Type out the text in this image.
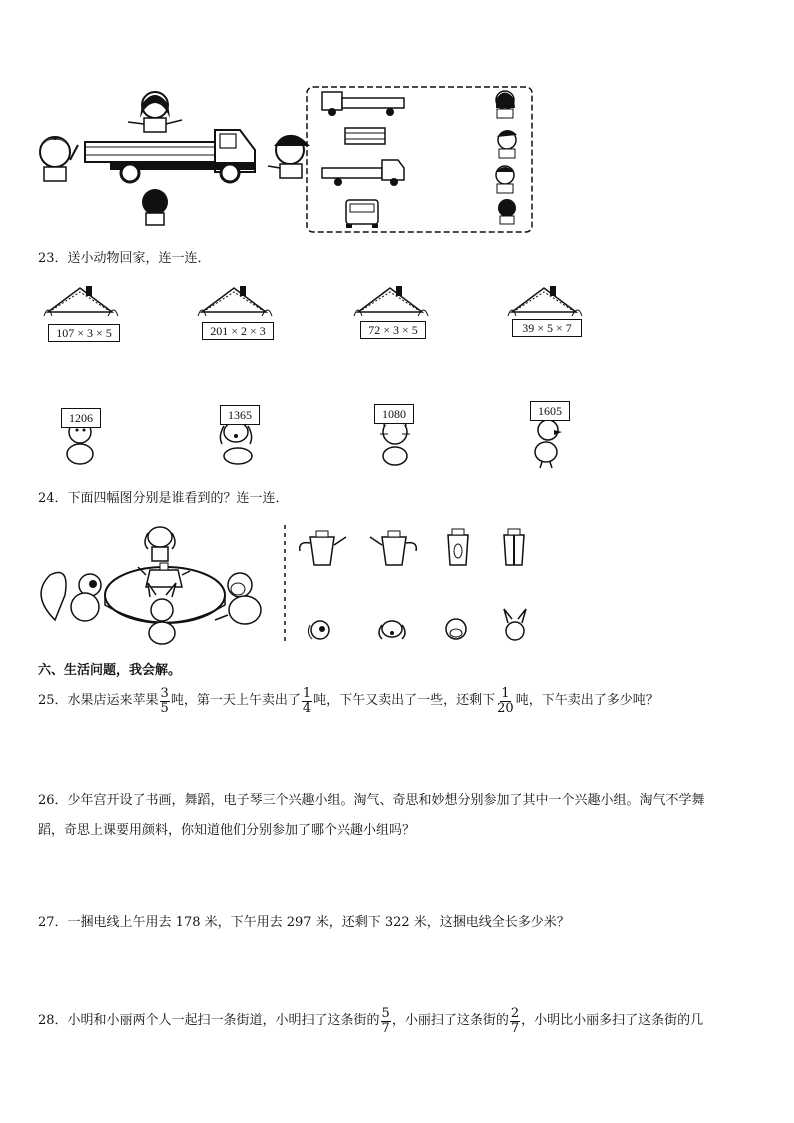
23．送小动物回家，连一连．
107 × 3 × 5	201 × 2 × 3	72 × 3 × 5	39 × 5 × 7
1206	1365	1080	1605
24．下面四幅图分别是谁看到的？连一连．
六、生活问题，我会解。
25．水果店运来苹果 $\frac{3}{5}$ 吨，第一天上午卖出了 $\frac{1}{4}$ 吨，下午又卖出了一些，还剩下 $\frac{1}{20}$ 吨，下午卖出了多少吨？
26．少年宫开设了书画，舞蹈，电子琴三个兴趣小组。淘气、奇思和妙想分别参加了其中一个兴趣小组。淘气不学舞
蹈，奇思上课要用颜料，你知道他们分别参加了哪个兴趣小组吗？
27．一捆电线上午用去 178 米，下午用去 297 米，还剩下 322 米，这捆电线全长多少米？
28．小明和小丽两个人一起扫一条街道，小明扫了这条街的 $\frac{5}{7}$ ，小丽扫了这条街的 $\frac{2}{7}$ ，小明比小丽多扫了这条街的几
